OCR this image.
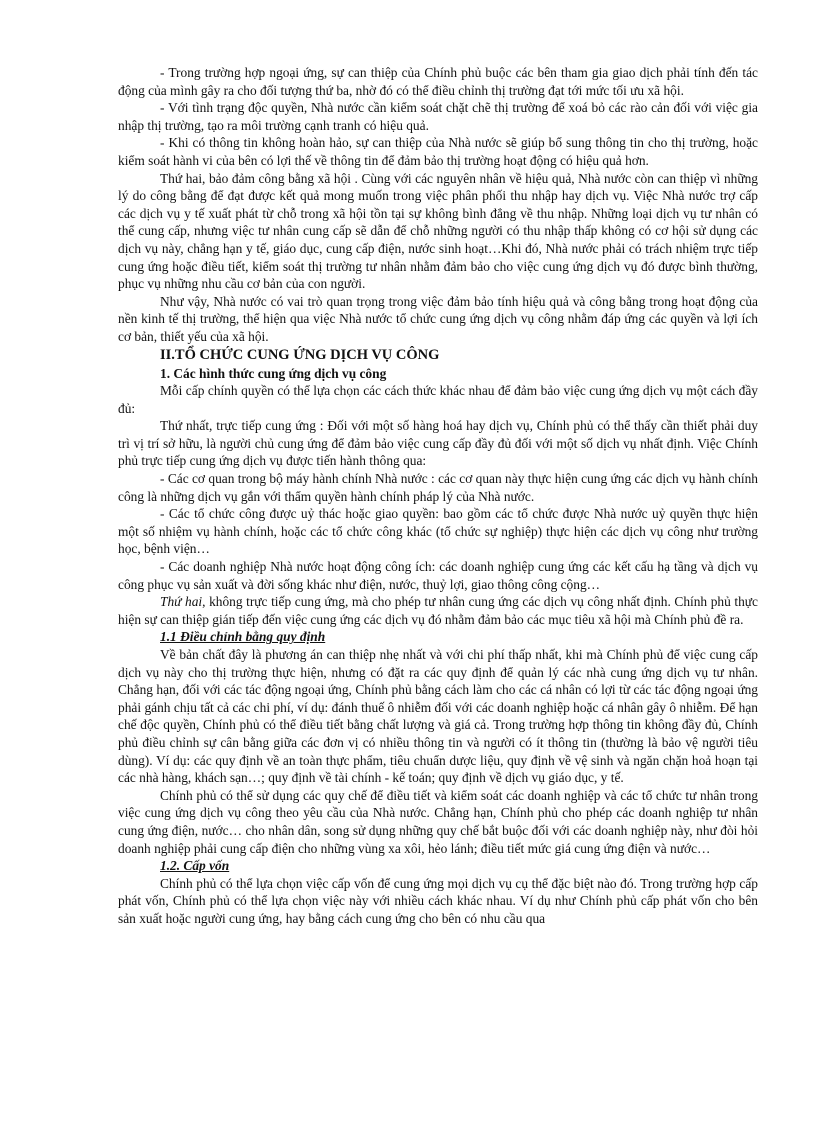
- Trong trường hợp ngoại ứng, sự can thiệp của Chính phủ buộc các bên tham gia giao dịch phải tính đến tác động của mình gây ra cho đối tượng thứ ba, nhờ đó có thể điều chỉnh thị trường đạt tới mức tối ưu xã hội.

- Với tình trạng độc quyền, Nhà nước cần kiểm soát chặt chẽ thị trường để xoá bỏ các rào cản đối với việc gia nhập thị trường, tạo ra môi trường cạnh tranh có hiệu quả.

- Khi có thông tin không hoàn hảo, sự can thiệp của Nhà nước sẽ giúp bổ sung thông tin cho thị trường, hoặc kiểm soát hành vi của bên có lợi thế về thông tin để đảm bảo thị trường hoạt động có hiệu quả hơn.

Thứ hai, bảo đảm công bằng xã hội . Cùng với các nguyên nhân về hiệu quả, Nhà nước còn can thiệp vì những lý do công bằng để đạt được kết quả mong muốn trong việc phân phối thu nhập hay dịch vụ. Việc Nhà nước trợ cấp các dịch vụ y tế xuất phát từ chỗ trong xã hội tồn tại sự không bình đẳng về thu nhập. Những loại dịch vụ tư nhân có thể cung cấp, nhưng việc tư nhân cung cấp sẽ dẫn để chỗ những người có thu nhập thấp không có cơ hội sử dụng các dịch vụ này, chẳng hạn y tế, giáo dục, cung cấp điện, nước sinh hoạt…Khi đó, Nhà nước phải có trách nhiệm trực tiếp cung ứng hoặc điều tiết, kiểm soát thị trường tư nhân nhằm đảm bảo cho việc cung ứng dịch vụ đó được bình thường, phục vụ những nhu cầu cơ bản của con người.

Như vậy, Nhà nước có vai trò quan trọng trong việc đảm bảo tính hiệu quả và công bằng trong hoạt động của nền kinh tế thị trường, thể hiện qua việc Nhà nước tổ chức cung ứng dịch vụ công nhằm đáp ứng các quyền và lợi ích cơ bản, thiết yếu của xã hội.

II.TỔ CHỨC CUNG ỨNG DỊCH VỤ CÔNG

1. Các hình thức cung ứng dịch vụ công

Mỗi cấp chính quyền có thể lựa chọn các cách thức khác nhau để đảm bảo việc cung ứng dịch vụ một cách đầy đủ:

Thứ nhất, trực tiếp cung ứng : Đối với một số hàng hoá hay dịch vụ, Chính phủ có thể thấy cần thiết phải duy trì vị trí sở hữu, là người chủ cung ứng để đảm bảo việc cung cấp đầy đủ đối với một số dịch vụ nhất định. Việc Chính phủ trực tiếp cung ứng dịch vụ được tiến hành thông qua:

- Các cơ quan trong bộ máy hành chính Nhà nước : các cơ quan này thực hiện cung ứng các dịch vụ hành chính công là những dịch vụ gắn với thẩm quyền hành chính pháp lý của Nhà nước.

- Các tổ chức công được uỷ thác hoặc giao quyền: bao gồm các tổ chức được Nhà nước uỷ quyền thực hiện một số nhiệm vụ hành chính, hoặc các tổ chức công khác (tổ chức sự nghiệp) thực hiện các dịch vụ công như trường học, bệnh viện…

- Các doanh nghiệp Nhà nước hoạt động công ích: các doanh nghiệp cung ứng các kết cấu hạ tầng và dịch vụ công phục vụ sản xuất và đời sống khác như điện, nước, thuỷ lợi, giao thông công cộng…

Thứ hai, không trực tiếp cung ứng, mà cho phép tư nhân cung ứng các dịch vụ công nhất định. Chính phủ thực hiện sự can thiệp gián tiếp đến việc cung ứng các dịch vụ đó nhằm đảm bảo các mục tiêu xã hội mà Chính phủ đề ra.

1.1 Điều chỉnh bằng quy định

Về bản chất đây là phương án can thiệp nhẹ nhất và với chi phí thấp nhất, khi mà Chính phủ để việc cung cấp dịch vụ này cho thị trường thực hiện, nhưng có đặt ra các quy định để quản lý các nhà cung ứng dịch vụ tư nhân. Chẳng hạn, đối với các tác động ngoại ứng, Chính phủ bằng cách làm cho các cá nhân có lợi từ các tác động ngoại ứng phải gánh chịu tất cả các chi phí, ví dụ: đánh thuế ô nhiễm đối với các doanh nghiệp hoặc cá nhân gây ô nhiễm. Để hạn chế độc quyền, Chính phủ có thể điều tiết bằng chất lượng và giá cả. Trong trường hợp thông tin không đầy đủ, Chính phủ điều chỉnh sự cân bằng giữa các đơn vị có nhiều thông tin và người có ít thông tin (thường là bảo vệ người tiêu dùng). Ví dụ: các quy định về an toàn thực phẩm, tiêu chuẩn dược liệu, quy định về vệ sinh và ngăn chặn hoả hoạn tại các nhà hàng, khách sạn…; quy định về tài chính - kế toán; quy định về dịch vụ giáo dục, y tế.

Chính phủ có thể sử dụng các quy chế để điều tiết và kiểm soát các doanh nghiệp và các tổ chức tư nhân trong việc cung ứng dịch vụ công theo yêu cầu của Nhà nước. Chẳng hạn, Chính phủ cho phép các doanh nghiệp tư nhân cung ứng điện, nước… cho nhân dân, song sử dụng những quy chế bắt buộc đối với các doanh nghiệp này, như đòi hỏi doanh nghiệp phải cung cấp điện cho những vùng xa xôi, hẻo lánh; điều tiết mức giá cung ứng điện và nước…

1.2. Cấp vốn

Chính phủ có thể lựa chọn việc cấp vốn để cung ứng mọi dịch vụ cụ thể đặc biệt nào đó. Trong trường hợp cấp phát vốn, Chính phủ có thể lựa chọn việc này với nhiều cách khác nhau. Ví dụ như Chính phủ cấp phát vốn cho bên sản xuất hoặc người cung ứng, hay bằng cách cung ứng cho bên có nhu cầu qua
